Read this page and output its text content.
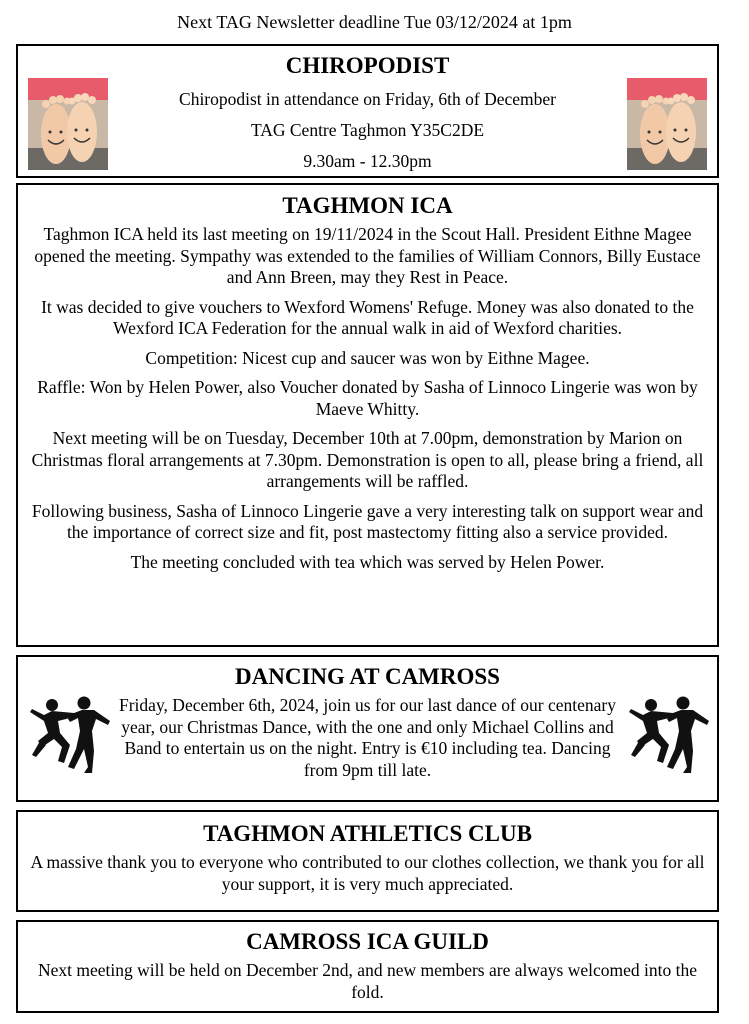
Next TAG Newsletter deadline Tue 03/12/2024 at 1pm
CHIROPODIST

Chiropodist in attendance on Friday, 6th of December

TAG Centre Taghmon Y35C2DE

9.30am - 12.30pm

TAGHMON ICA

Taghmon ICA held its last meeting on 19/11/2024 in the Scout Hall. President Eithne Magee opened the meeting. Sympathy was extended to the families of William Connors, Billy Eustace and Ann Breen, may they Rest in Peace.

It was decided to give vouchers to Wexford Womens' Refuge. Money was also donated to the Wexford ICA Federation for the annual walk in aid of Wexford charities.

Competition: Nicest cup and saucer was won by Eithne Magee.

Raffle: Won by Helen Power, also Voucher donated by Sasha of Linnoco Lingerie was won by Maeve Whitty.

Next meeting will be on Tuesday, December 10th at 7.00pm, demonstration by Marion on Christmas floral arrangements at 7.30pm. Demonstration is open to all, please bring a friend, all arrangements will be raffled.

Following business, Sasha of Linnoco Lingerie gave a very interesting talk on support wear and the importance of correct size and fit, post mastectomy fitting also a service provided.

The meeting concluded with tea which was served by Helen Power.

DANCING AT CAMROSS

Friday, December 6th, 2024, join us for our last dance of our centenary year, our Christmas Dance, with the one and only Michael Collins and Band to entertain us on the night. Entry is €10 including tea. Dancing from 9pm till late.

TAGHMON ATHLETICS CLUB

A massive thank you to everyone who contributed to our clothes collection, we thank you for all your support, it is very much appreciated.

CAMROSS ICA GUILD

Next meeting will be held on December 2nd, and new members are always welcomed into the fold.
